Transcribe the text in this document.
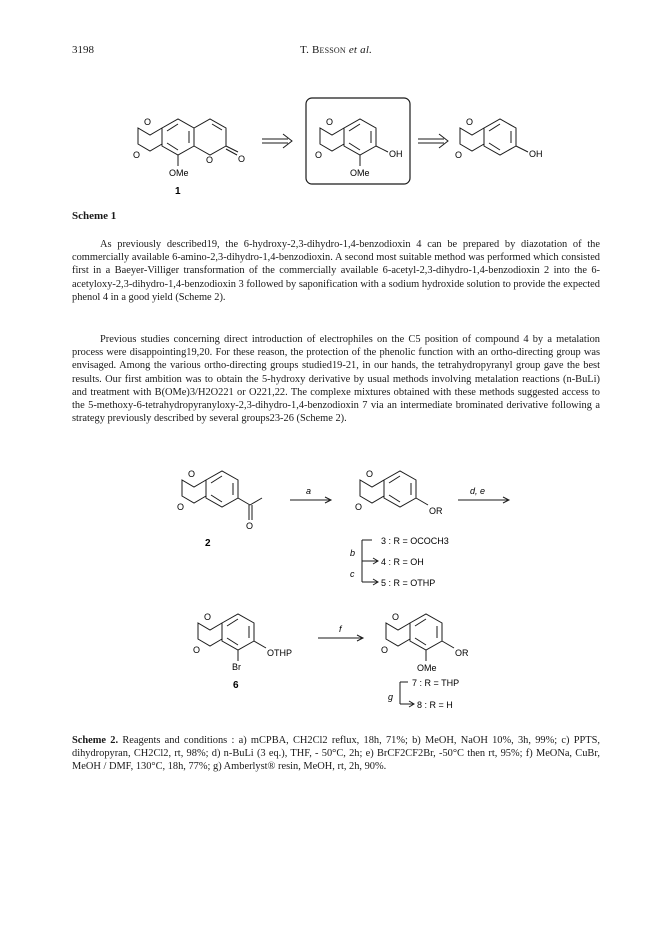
3198	T. Besson et al.
O
O	O	O
OMe
1
O
O	OH
OMe
O
O	OH
Scheme 1
As previously described19, the 6-hydroxy-2,3-dihydro-1,4-benzodioxin 4 can be prepared by diazotation of the commercially available 6-amino-2,3-dihydro-1,4-benzodioxin. A second most suitable method was performed which consisted first in a Baeyer-Villiger transformation of the commercially available 6-acetyl-2,3-dihydro-1,4-benzodioxin 2 into the 6-acetyloxy-2,3-dihydro-1,4-benzodioxin 3 followed by saponification with a sodium hydroxide solution to provide the expected phenol 4 in a good yield (Scheme 2).
Previous studies concerning direct introduction of electrophiles on the C5 position of compound 4 by a metalation process were disappointing19,20. For these reason, the protection of the phenolic function with an ortho-directing group was envisaged. Among the various ortho-directing groups studied19-21, in our hands, the tetrahydropyranyl group gave the best results. Our first ambition was to obtain the 5-hydroxy derivative by usual methods involving metalation reactions (n-BuLi) and treatment with B(OMe)3/H2O221 or O221,22. The complexe mixtures obtained with these methods suggested access to the 5-methoxy-6-tetrahydropyranyloxy-2,3-dihydro-1,4-benzodioxin 7 via an intermediate brominated derivative following a strategy previously described by several groups23-26 (Scheme 2).
O
O
O
2
a
O
O	OR
d, e
b
c
3 : R = OCOCH3
4 : R = OH
5 : R = OTHP
O
O	OTHP
Br
6
f
O
O	OR
OMe
g
7 : R = THP
8 : R = H
Scheme 2. Reagents and conditions : a) mCPBA, CH2Cl2 reflux, 18h, 71%; b) MeOH, NaOH 10%, 3h, 99%; c) PPTS, dihydropyran, CH2Cl2, rt, 98%; d) n-BuLi (3 eq.), THF, - 50°C, 2h; e) BrCF2CF2Br, -50°C then rt, 95%; f) MeONa, CuBr, MeOH / DMF, 130°C, 18h, 77%; g) Amberlyst® resin, MeOH, rt, 2h, 90%.
